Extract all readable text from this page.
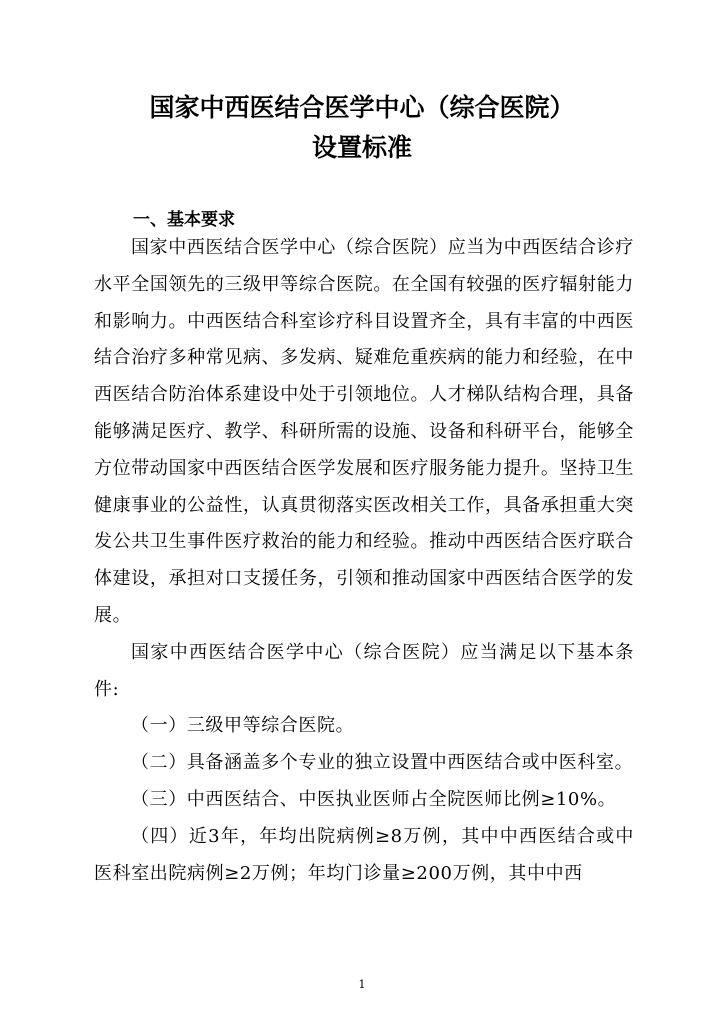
国家中西医结合医学中心（综合医院）
设置标准
一、基本要求

国家中西医结合医学中心（综合医院）应当为中西医结合诊疗水平全国领先的三级甲等综合医院。在全国有较强的医疗辐射能力和影响力。中西医结合科室诊疗科目设置齐全，具有丰富的中西医结合治疗多种常见病、多发病、疑难危重疾病的能力和经验，在中西医结合防治体系建设中处于引领地位。人才梯队结构合理，具备能够满足医疗、教学、科研所需的设施、设备和科研平台，能够全方位带动国家中西医结合医学发展和医疗服务能力提升。坚持卫生健康事业的公益性，认真贯彻落实医改相关工作，具备承担重大突发公共卫生事件医疗救治的能力和经验。推动中西医结合医疗联合体建设，承担对口支援任务，引领和推动国家中西医结合医学的发展。

国家中西医结合医学中心（综合医院）应当满足以下基本条件:

（一）三级甲等综合医院。

（二）具备涵盖多个专业的独立设置中西医结合或中医科室。

（三）中西医结合、中医执业医师占全院医师比例≥10%。

（四）近3年，年均出院病例≥8万例，其中中西医结合或中医科室出院病例≥2万例；年均门诊量≥200万例，其中中西

1
